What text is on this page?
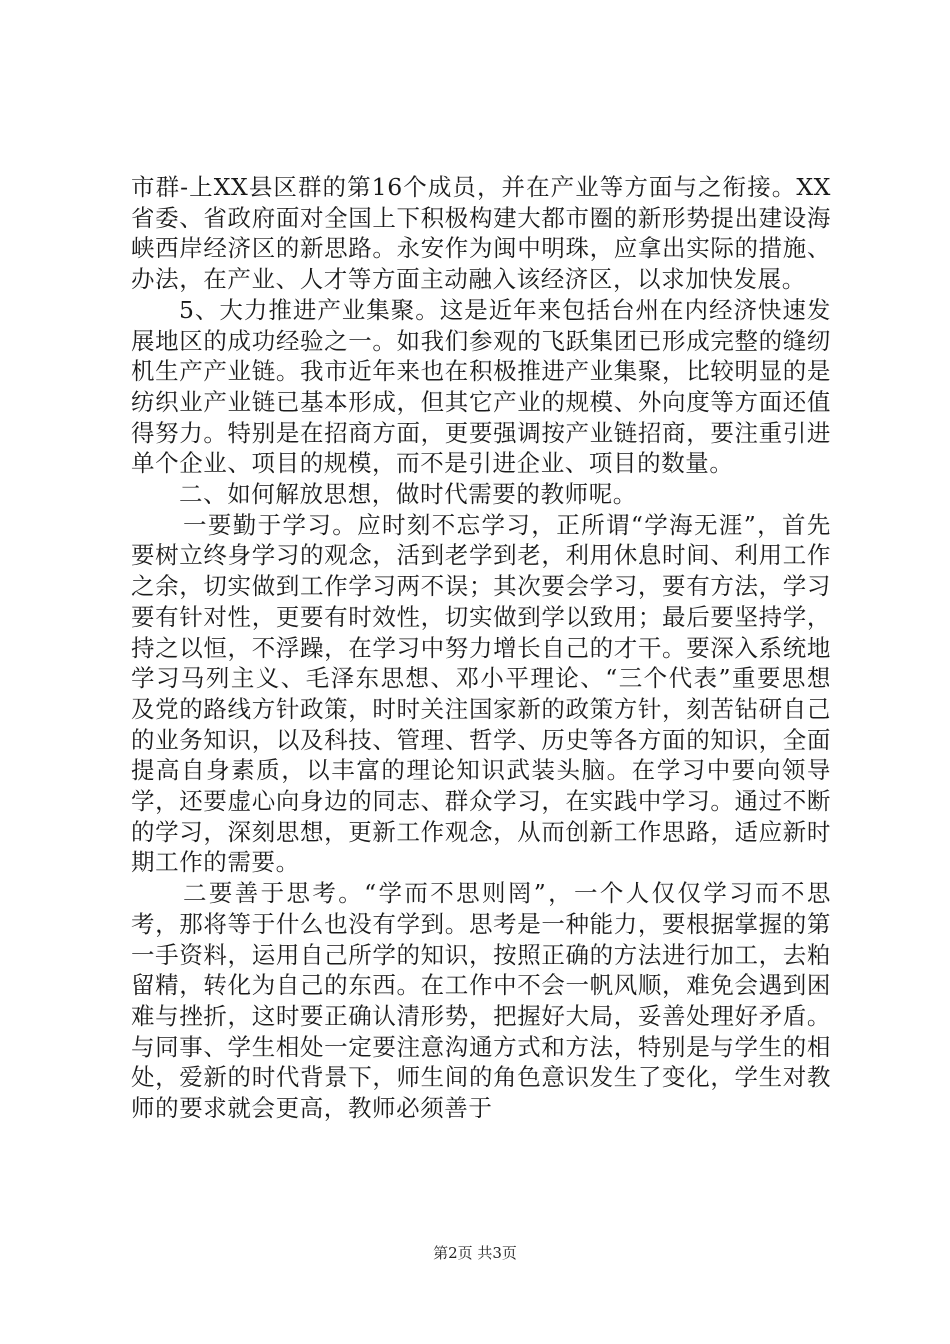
市群-上XX县区群的第16个成员，并在产业等方面与之衔接。XX省委、省政府面对全国上下积极构建大都市圈的新形势提出建设海峡西岸经济区的新思路。永安作为闽中明珠，应拿出实际的措施、办法，在产业、人才等方面主动融入该经济区，以求加快发展。

5、大力推进产业集聚。这是近年来包括台州在内经济快速发展地区的成功经验之一。如我们参观的飞跃集团已形成完整的缝纫机生产产业链。我市近年来也在积极推进产业集聚，比较明显的是纺织业产业链已基本形成，但其它产业的规模、外向度等方面还值得努力。特别是在招商方面，更要强调按产业链招商，要注重引进单个企业、项目的规模，而不是引进企业、项目的数量。

二、如何解放思想，做时代需要的教师呢。

一要勤于学习。应时刻不忘学习，正所谓“学海无涯”，首先要树立终身学习的观念，活到老学到老，利用休息时间、利用工作之余，切实做到工作学习两不误；其次要会学习，要有方法，学习要有针对性，更要有时效性，切实做到学以致用；最后要坚持学，持之以恒，不浮躁，在学习中努力增长自己的才干。要深入系统地学习马列主义、毛泽东思想、邓小平理论、“三个代表”重要思想及党的路线方针政策，时时关注国家新的政策方针，刻苦钻研自己的业务知识，以及科技、管理、哲学、历史等各方面的知识，全面提高自身素质，以丰富的理论知识武装头脑。在学习中要向领导学，还要虚心向身边的同志、群众学习，在实践中学习。通过不断的学习，深刻思想，更新工作观念，从而创新工作思路，适应新时期工作的需要。

二要善于思考。“学而不思则罔”，一个人仅仅学习而不思考，那将等于什么也没有学到。思考是一种能力，要根据掌握的第一手资料，运用自己所学的知识，按照正确的方法进行加工，去粕留精，转化为自己的东西。在工作中不会一帆风顺，难免会遇到困难与挫折，这时要正确认清形势，把握好大局，妥善处理好矛盾。与同事、学生相处一定要注意沟通方式和方法，特别是与学生的相处，爱新的时代背景下，师生间的角色意识发生了变化，学生对教师的要求就会更高，教师必须善于

第2页 共3页
